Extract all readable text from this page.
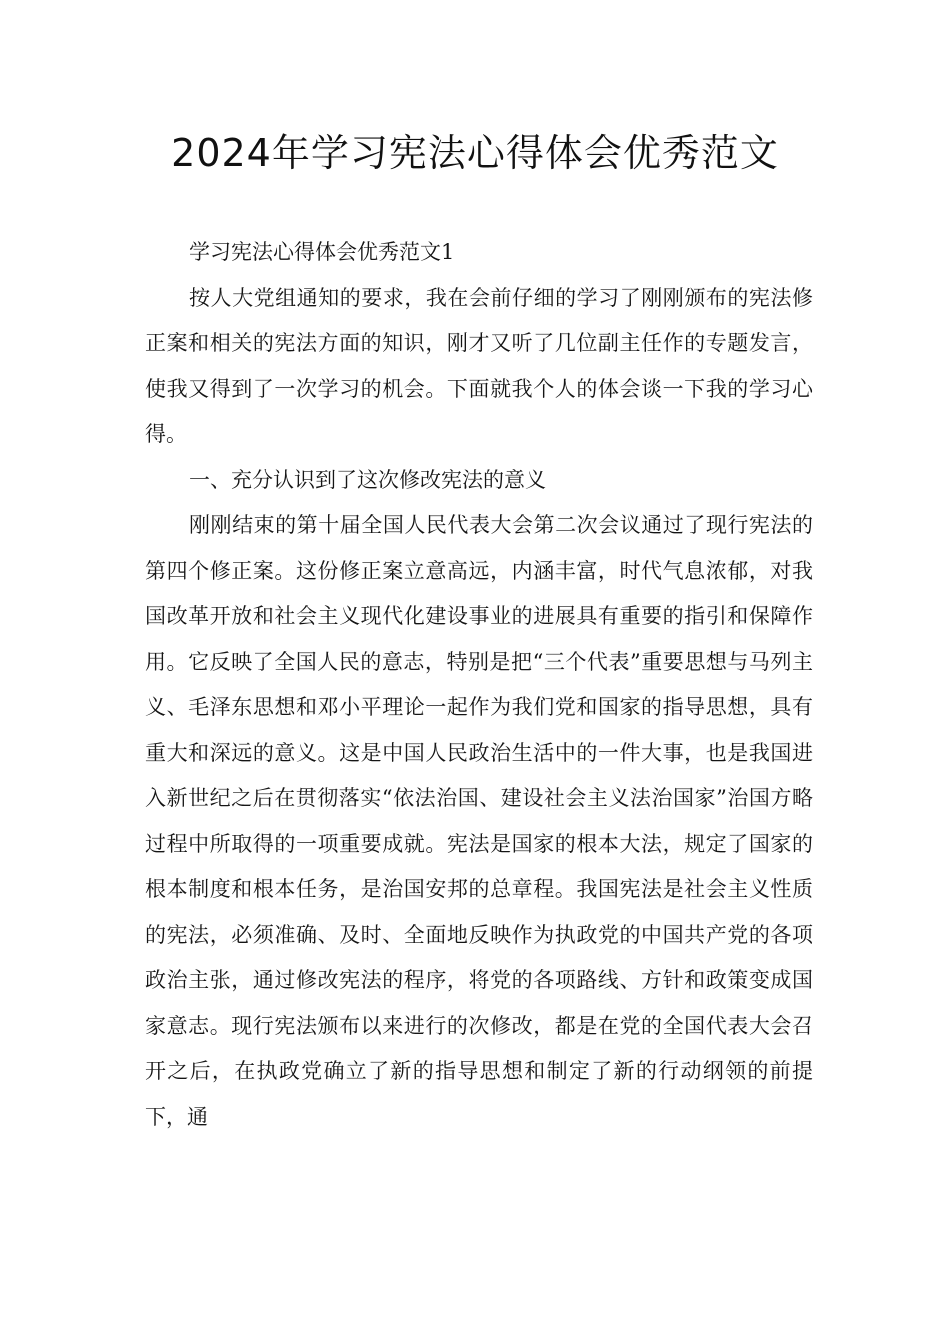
2024年学习宪法心得体会优秀范文

学习宪法心得体会优秀范文1

按人大党组通知的要求，我在会前仔细的学习了刚刚颁布的宪法修正案和相关的宪法方面的知识，刚才又听了几位副主任作的专题发言，使我又得到了一次学习的机会。下面就我个人的体会谈一下我的学习心得。

一、充分认识到了这次修改宪法的意义

刚刚结束的第十届全国人民代表大会第二次会议通过了现行宪法的第四个修正案。这份修正案立意高远，内涵丰富，时代气息浓郁，对我国改革开放和社会主义现代化建设事业的进展具有重要的指引和保障作用。它反映了全国人民的意志，特别是把“三个代表”重要思想与马列主义、毛泽东思想和邓小平理论一起作为我们党和国家的指导思想，具有重大和深远的意义。这是中国人民政治生活中的一件大事，也是我国进入新世纪之后在贯彻落实“依法治国、建设社会主义法治国家”治国方略过程中所取得的一项重要成就。宪法是国家的根本大法，规定了国家的根本制度和根本任务，是治国安邦的总章程。我国宪法是社会主义性质的宪法，必须准确、及时、全面地反映作为执政党的中国共产党的各项政治主张，通过修改宪法的程序，将党的各项路线、方针和政策变成国家意志。现行宪法颁布以来进行的次修改，都是在党的全国代表大会召开之后，在执政党确立了新的指导思想和制定了新的行动纲领的前提下，通
